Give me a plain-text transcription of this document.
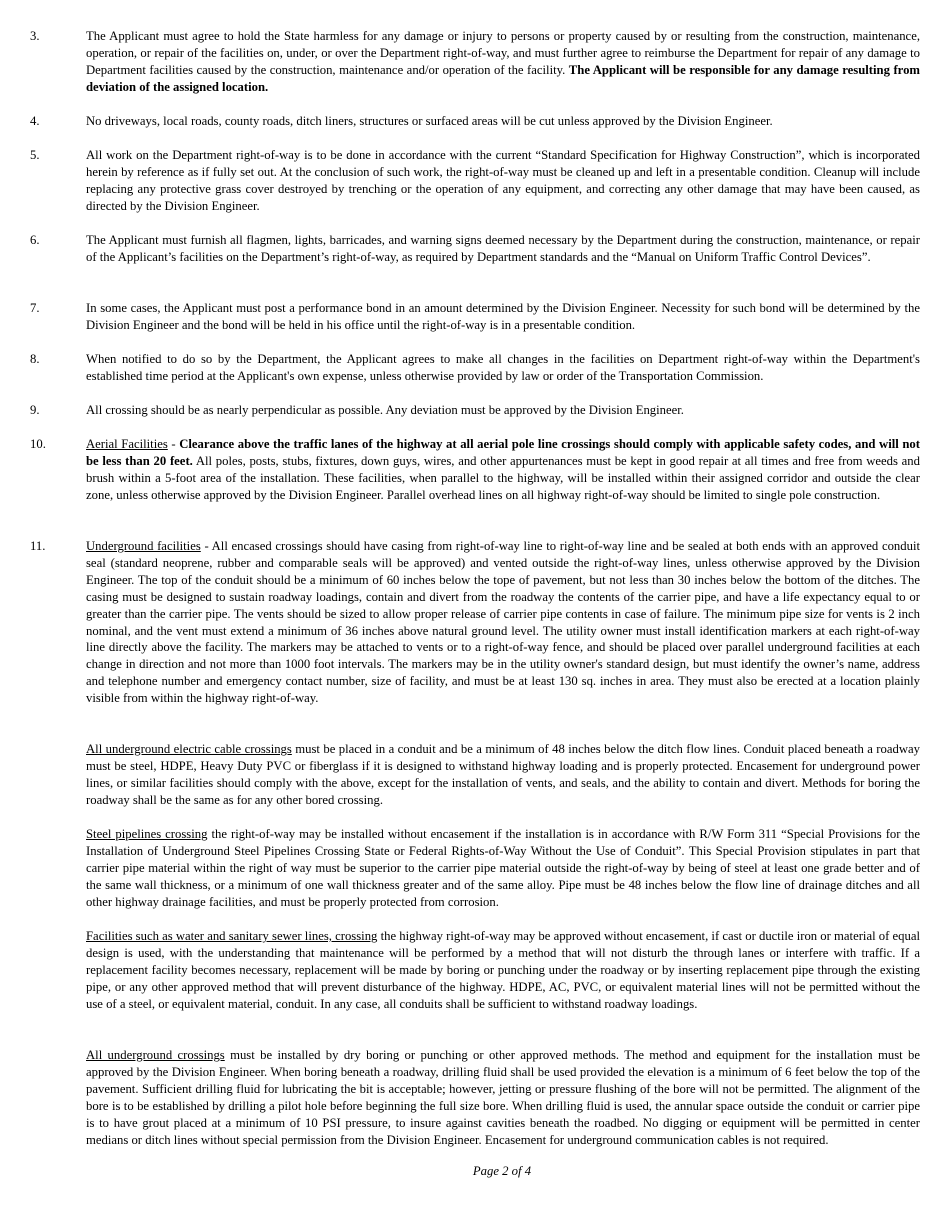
3.	The Applicant must agree to hold the State harmless for any damage or injury to persons or property caused by or resulting from the construction, maintenance, operation, or repair of the facilities on, under, or over the Department right-of-way, and must further agree to reimburse the Department for repair of any damage to Department facilities caused by the construction, maintenance and/or operation of the facility. The Applicant will be responsible for any damage resulting from deviation of the assigned location.
4.	No driveways, local roads, county roads, ditch liners, structures or surfaced areas will be cut unless approved by the Division Engineer.
5.	All work on the Department right-of-way is to be done in accordance with the current “Standard Specification for Highway Construction”, which is incorporated herein by reference as if fully set out. At the conclusion of such work, the right-of-way must be cleaned up and left in a presentable condition. Cleanup will include replacing any protective grass cover destroyed by trenching or the operation of any equipment, and correcting any other damage that may have been caused, as directed by the Division Engineer.
6.	The Applicant must furnish all flagmen, lights, barricades, and warning signs deemed necessary by the Department during the construction, maintenance, or repair of the Applicant’s facilities on the Department’s right-of-way, as required by Department standards and the “Manual on Uniform Traffic Control Devices”.
7.	In some cases, the Applicant must post a performance bond in an amount determined by the Division Engineer. Necessity for such bond will be determined by the Division Engineer and the bond will be held in his office until the right-of-way is in a presentable condition.
8.	When notified to do so by the Department, the Applicant agrees to make all changes in the facilities on Department right-of-way within the Department's established time period at the Applicant's own expense, unless otherwise provided by law or order of the Transportation Commission.
9.	All crossing should be as nearly perpendicular as possible. Any deviation must be approved by the Division Engineer.
10.	Aerial Facilities - Clearance above the traffic lanes of the highway at all aerial pole line crossings should comply with applicable safety codes, and will not be less than 20 feet. All poles, posts, stubs, fixtures, down guys, wires, and other appurtenances must be kept in good repair at all times and free from weeds and brush within a 5-foot area of the installation. These facilities, when parallel to the highway, will be installed within their assigned corridor and outside the clear zone, unless otherwise approved by the Division Engineer. Parallel overhead lines on all highway right-of-way should be limited to single pole construction.
11.	Underground facilities - All encased crossings should have casing from right-of-way line to right-of-way line and be sealed at both ends with an approved conduit seal (standard neoprene, rubber and comparable seals will be approved) and vented outside the right-of-way lines, unless otherwise approved by the Division Engineer. The top of the conduit should be a minimum of 60 inches below the tope of pavement, but not less than 30 inches below the bottom of the ditches. The casing must be designed to sustain roadway loadings, contain and divert from the roadway the contents of the carrier pipe, and have a life expectancy equal to or greater than the carrier pipe. The vents should be sized to allow proper release of carrier pipe contents in case of failure. The minimum pipe size for vents is 2 inch nominal, and the vent must extend a minimum of 36 inches above natural ground level. The utility owner must install identification markers at each right-of-way line directly above the facility. The markers may be attached to vents or to a right-of-way fence, and should be placed over parallel underground facilities at each change in direction and not more than 1000 foot intervals. The markers may be in the utility owner's standard design, but must identify the owner’s name, address and telephone number and emergency contact number, size of facility, and must be at least 130 sq. inches in area. They must also be erected at a location plainly visible from within the highway right-of-way.
All underground electric cable crossings must be placed in a conduit and be a minimum of 48 inches below the ditch flow lines. Conduit placed beneath a roadway must be steel, HDPE, Heavy Duty PVC or fiberglass if it is designed to withstand highway loading and is properly protected. Encasement for underground power lines, or similar facilities should comply with the above, except for the installation of vents, and seals, and the ability to contain and divert. Methods for boring the roadway shall be the same as for any other bored crossing.
Steel pipelines crossing the right-of-way may be installed without encasement if the installation is in accordance with R/W Form 311 “Special Provisions for the Installation of Underground Steel Pipelines Crossing State or Federal Rights-of-Way Without the Use of Conduit”. This Special Provision stipulates in part that carrier pipe material within the right of way must be superior to the carrier pipe material outside the right-of-way by being of steel at least one grade better and of the same wall thickness, or a minimum of one wall thickness greater and of the same alloy. Pipe must be 48 inches below the flow line of drainage ditches and all other highway drainage facilities, and must be properly protected from corrosion.
Facilities such as water and sanitary sewer lines, crossing the highway right-of-way may be approved without encasement, if cast or ductile iron or material of equal design is used, with the understanding that maintenance will be performed by a method that will not disturb the through lanes or interfere with traffic. If a replacement facility becomes necessary, replacement will be made by boring or punching under the roadway or by inserting replacement pipe through the existing pipe, or any other approved method that will prevent disturbance of the highway. HDPE, AC, PVC, or equivalent material lines will not be permitted without the use of a steel, or equivalent material, conduit. In any case, all conduits shall be sufficient to withstand roadway loadings.
All underground crossings must be installed by dry boring or punching or other approved methods. The method and equipment for the installation must be approved by the Division Engineer. When boring beneath a roadway, drilling fluid shall be used provided the elevation is a minimum of 6 feet below the top of the pavement. Sufficient drilling fluid for lubricating the bit is acceptable; however, jetting or pressure flushing of the bore will not be permitted. The alignment of the bore is to be established by drilling a pilot hole before beginning the full size bore. When drilling fluid is used, the annular space outside the conduit or carrier pipe is to have grout placed at a minimum of 10 PSI pressure, to insure against cavities beneath the roadbed. No digging or equipment will be permitted in center medians or ditch lines without special permission from the Division Engineer. Encasement for underground communication cables is not required.
Page 2 of 4
